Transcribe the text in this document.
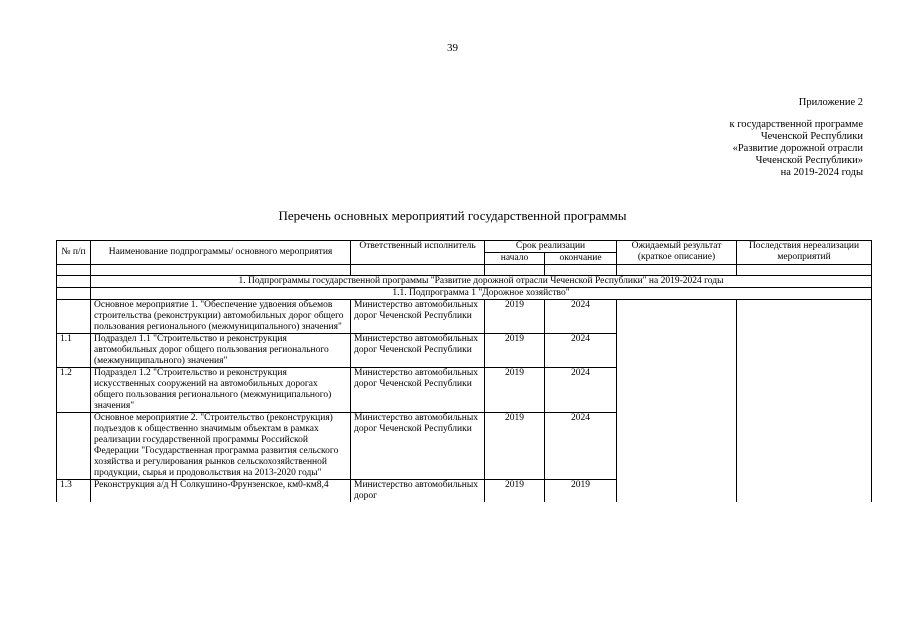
39
Приложение 2
к государственной программе
Чеченской Республики
«Развитие дорожной отрасли
Чеченской Республики»
на 2019-2024 годы
Перечень основных мероприятий государственной программы
№ п/п	Наименование подпрограммы/ основного мероприятия	Ответственный исполнитель	Срок реализации		Ожидаемый результат (краткое описание)	Последствия нереализации мероприятий
			начало	окончание		

	1. Подпрограммы государственной программы "Развитие дорожной отрасли Чеченской Республики" на 2019-2024 годы					
	1.1. Подпрограмма 1 "Дорожное хозяйство"					
	Основное мероприятие 1. "Обеспечение удвоения объемов строительства (реконструкции) автомобильных дорог общего пользования регионального (межмуниципального) значения"	Министерство автомобильных дорог Чеченской Республики	2019	2024		
1.1	Подраздел 1.1 "Строительство и реконструкция автомобильных дорог общего пользования регионального (межмуниципального) значения"	Министерство автомобильных дорог Чеченской Республики	2019	2024		
1.2	Подраздел 1.2 "Строительство и реконструкция искусственных сооружений на автомобильных дорогах общего пользования регионального (межмуниципального) значения"	Министерство автомобильных дорог Чеченской Республики	2019	2024		
	Основное мероприятие 2. "Строительство (реконструкция) подъездов к общественно значимым объектам в рамках реализации государственной программы Российской Федерации "Государственная программа развития сельского хозяйства и регулирования рынков сельскохозяйственной продукции, сырья и продовольствия на 2013-2020 годы"	Министерство автомобильных дорог Чеченской Республики	2019	2024		
1.3	Реконструкция а/д Н Солкушино-Фрунзенское, км0-км8,4	Министерство автомобильных дорог	2019	2019		
